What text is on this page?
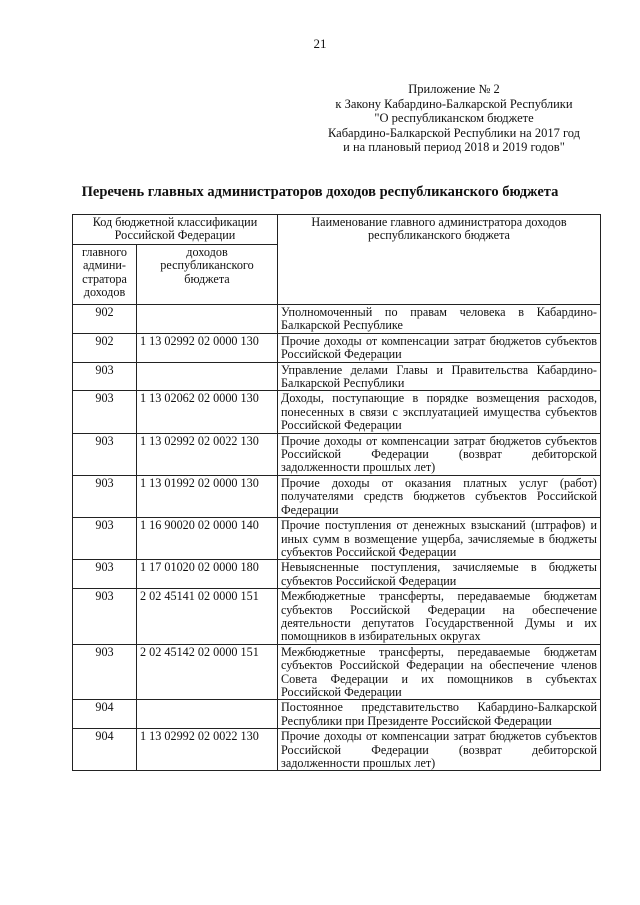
21
Приложение № 2
к Закону Кабардино-Балкарской Республики
"О республиканском бюджете
Кабардино-Балкарской Республики на 2017 год
и на плановый период 2018 и 2019 годов"
Перечень главных администраторов доходов республиканского бюджета
Код бюджетной классификации Российской Федерации		Наименование главного администратора доходов республиканского бюджета
главного админи-стратора доходов	доходов республиканского бюджета	
902		Уполномоченный по правам человека в Кабардино-Балкарской Республике
902	1 13 02992 02 0000 130	Прочие доходы от компенсации затрат бюджетов субъектов Российской Федерации
903		Управление делами Главы и Правительства Кабардино-Балкарской Республики
903	1 13 02062 02 0000 130	Доходы, поступающие в порядке возмещения расходов, понесенных в связи с эксплуатацией имущества субъектов Российской Федерации
903	1 13 02992 02 0022 130	Прочие доходы от компенсации затрат бюджетов субъектов Российской Федерации (возврат дебиторской задолженности прошлых лет)
903	1 13 01992 02 0000 130	Прочие доходы от оказания платных услуг (работ) получателями средств бюджетов субъектов Российской Федерации
903	1 16 90020 02 0000 140	Прочие поступления от денежных взысканий (штрафов) и иных сумм в возмещение ущерба, зачисляемые в бюджеты субъектов Российской Федерации
903	1 17 01020 02 0000 180	Невыясненные поступления, зачисляемые в бюджеты субъектов Российской Федерации
903	2 02 45141 02 0000 151	Межбюджетные трансферты, передаваемые бюджетам субъектов Российской Федерации на обеспечение деятельности депутатов Государственной Думы и их помощников в избирательных округах
903	2 02 45142 02 0000 151	Межбюджетные трансферты, передаваемые бюджетам субъектов Российской Федерации на обеспечение членов Совета Федерации и их помощников в субъектах Российской Федерации
904		Постоянное представительство Кабардино-Балкарской Республики при Президенте Российской Федерации
904	1 13 02992 02 0022 130	Прочие доходы от компенсации затрат бюджетов субъектов Российской Федерации (возврат дебиторской задолженности прошлых лет)
